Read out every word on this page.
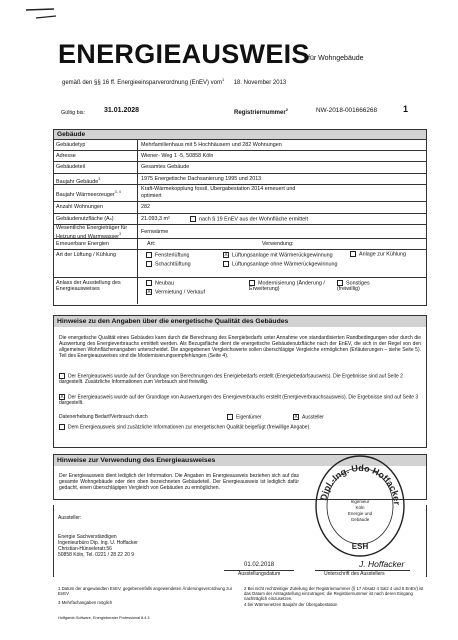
ENERGIEAUSWEIS
für Wohngebäude
gemäß den §§ 16 ff. Energieeinsparverordnung (EnEV) vom$^1$  18. November 2013
Gültig bis:	31.01.2028	Registriernummer$^2$	NW-2018-001666268	1
Gebäude
Gebäudetyp	Mehrfamilienhaus mit 5 Hochhäusern und 282 Wohnungen
Adresse	Wiener- Weg 1 -5, 50858 Köln
Gebäudeteil	Gesamtes Gebäude
Baujahr Gebäude$^3$	1975 Energetische Dachsanierung 1995 und 2013
Baujahr Wärmeerzeuger$^{3, 4}$	Kraft-Wärmekopplung fossil, Übergabestation 2014 erneuert und optimiert
Anzahl Wohnungen	282
Gebäudenutzfläche (Aₙ)	21.093,3 m²	nach § 19 EnEV aus der Wohnfläche ermittelt
Wesentliche Energieträger für Heizung und Warmwasser$^3$	Fernwärme
Erneuerbare Energien	Art:	Verwendung:
Art der Lüftung / Kühlung	Fensterlüftung	X Lüftungsanlage mit Wärmerückgewinnung	Anlage zur Kühlung
Schachtlüftung	Lüftungsanlage ohne Wärmerückgewinnung
Anlass der Ausstellung des Energieausweises
Neubau	Modernisierung (Änderung / Erweiterung)
Sonstiges (freiwillig)
X Vermietung / Verkauf
Hinweise zu den Angaben über die energetische Qualität des Gebäudes
Die energetische Qualität eines Gebäudes kann durch die Berechnung des Energiebedarfs unter Annahme von standardisierten Randbedingungen oder durch die Auswertung des Energieverbrauchs ermittelt werden. Als Bezugsfläche dient die energetische Gebäudenutzfläche nach der EnEV, die sich in der Regel von den allgemeinen Wohnflächenangaben unterscheidet. Die angegebenen Vergleichswerte sollen überschlägige Vergleiche ermöglichen (Erläuterungen – siehe Seite 5). Teil des Energieausweises sind die Modernisierungsempfehlungen (Seite 4).
Der Energieausweis wurde auf der Grundlage von Berechnungen des Energiebedarfs erstellt (Energiebedarfsausweis). Die Ergebnisse sind auf Seite 2 dargestellt. Zusätzliche Informationen zum Verbrauch sind freiwillig.
X Der Energieausweis wurde auf der Grundlage von Auswertungen des Energieverbrauchs erstellt (Energieverbrauchsausweis). Die Ergebnisse sind auf Seite 3 dargestellt.
Datenerhebung Bedarf/Verbrauch durch	Eigentümer	X Aussteller
Dem Energieausweis sind zusätzliche Informationen zur energetischen Qualität beigefügt (freiwillige Angabe).
Hinweise zur Verwendung des Energieausweises
Der Energieausweis dient lediglich der Information. Die Angaben im Energieausweis beziehen sich auf das gesamte Wohngebäude oder den oben bezeichneten Gebäudeteil. Der Energieausweis ist lediglich dafür gedacht, einen überschlägigen Vergleich von Gebäuden zu ermöglichen.
Aussteller:

Energie Sachverständigen

Ingenieurbüro Dip. Ing. U. Hoffacker

Christian-Hünseleratr.56

50858 Köln, Tel. 0221 / 28 22 20 9

01.02.2018
Ausstellungsdatum
J. Hoffacker
Unterschrift des Ausstellers
Dipl.-Ing. Udo Hoffacker
Ingenieur
Köln
Energie und
Gebäude
ESH

1 Datum der angewandten EnEV, gegebenenfalls angewendeten Änderungsverordnung zur EnEV

3 Mehrfachangaben möglich

2 Bei nicht rechtzeitiger Zuteilung der Registriernummer (§ 17 Absatz 4 Satz 4 und 5 EnEV) ist das Datum der Antragstellung einzutragen; die Registriernummer ist nach deren Eingang nachträglich einzusetzen.

4 bei Wärmenetzen Baujahr der Übergabestation

Hoffgarde-Software, Energieberater Professional 8.4.3
